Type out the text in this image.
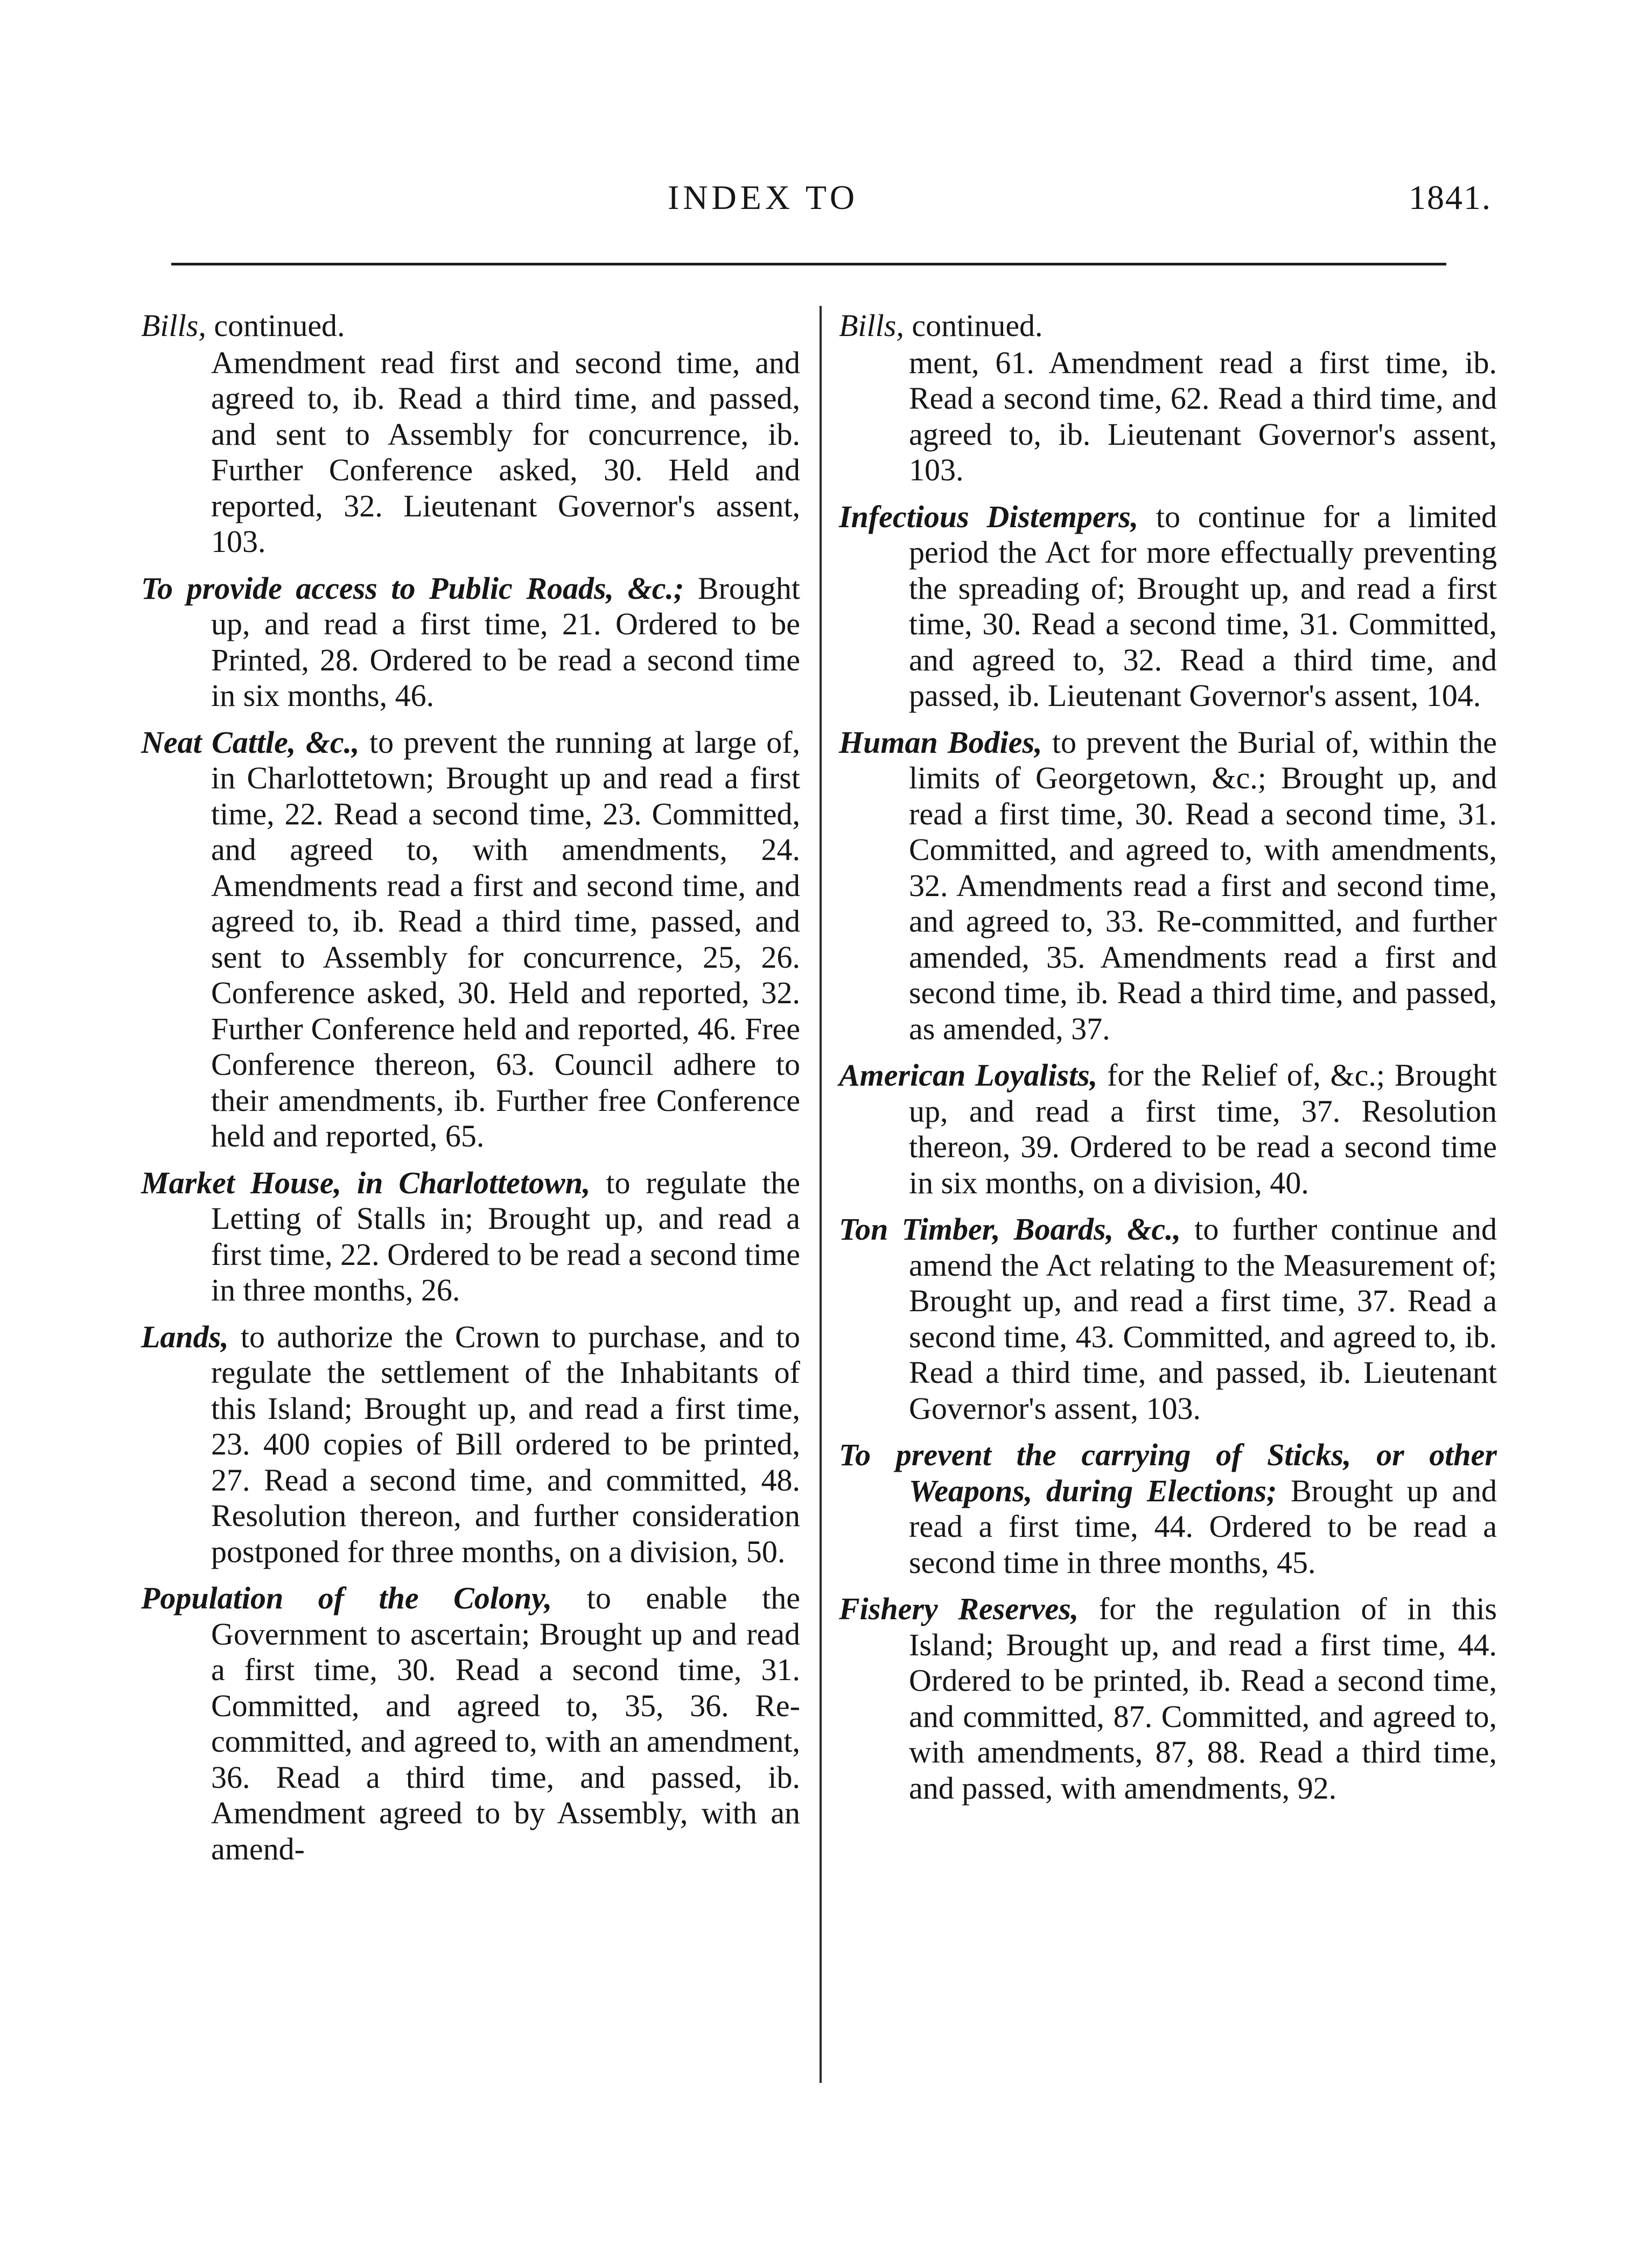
INDEX TO	1841.
Bills, continued.

Amendment read first and second time, and agreed to, ib. Read a third time, and passed, and sent to Assembly for concurrence, ib. Further Conference asked, 30. Held and reported, 32. Lieutenant Governor's assent, 103.

To provide access to Public Roads, &c.; Brought up, and read a first time, 21. Ordered to be Printed, 28. Ordered to be read a second time in six months, 46.

Neat Cattle, &c., to prevent the running at large of, in Charlottetown; Brought up and read a first time, 22. Read a second time, 23. Committed, and agreed to, with amendments, 24. Amendments read a first and second time, and agreed to, ib. Read a third time, passed, and sent to Assembly for concurrence, 25, 26. Conference asked, 30. Held and reported, 32. Further Conference held and reported, 46. Free Conference thereon, 63. Council adhere to their amendments, ib. Further free Conference held and reported, 65.

Market House, in Charlottetown, to regulate the Letting of Stalls in; Brought up, and read a first time, 22. Ordered to be read a second time in three months, 26.

Lands, to authorize the Crown to purchase, and to regulate the settlement of the Inhabitants of this Island; Brought up, and read a first time, 23. 400 copies of Bill ordered to be printed, 27. Read a second time, and committed, 48. Resolution thereon, and further consideration postponed for three months, on a division, 50.

Population of the Colony, to enable the Government to ascertain; Brought up and read a first time, 30. Read a second time, 31. Committed, and agreed to, 35, 36. Re-committed, and agreed to, with an amendment, 36. Read a third time, and passed, ib. Amendment agreed to by Assembly, with an amend-

Bills, continued.

ment, 61. Amendment read a first time, ib. Read a second time, 62. Read a third time, and agreed to, ib. Lieutenant Governor's assent, 103.

Infectious Distempers, to continue for a limited period the Act for more effectually preventing the spreading of; Brought up, and read a first time, 30. Read a second time, 31. Committed, and agreed to, 32. Read a third time, and passed, ib. Lieutenant Governor's assent, 104.

Human Bodies, to prevent the Burial of, within the limits of Georgetown, &c.; Brought up, and read a first time, 30. Read a second time, 31. Committed, and agreed to, with amendments, 32. Amendments read a first and second time, and agreed to, 33. Re-committed, and further amended, 35. Amendments read a first and second time, ib. Read a third time, and passed, as amended, 37.

American Loyalists, for the Relief of, &c.; Brought up, and read a first time, 37. Resolution thereon, 39. Ordered to be read a second time in six months, on a division, 40.

Ton Timber, Boards, &c., to further continue and amend the Act relating to the Measurement of; Brought up, and read a first time, 37. Read a second time, 43. Committed, and agreed to, ib. Read a third time, and passed, ib. Lieutenant Governor's assent, 103.

To prevent the carrying of Sticks, or other Weapons, during Elections; Brought up and read a first time, 44. Ordered to be read a second time in three months, 45.

Fishery Reserves, for the regulation of in this Island; Brought up, and read a first time, 44. Ordered to be printed, ib. Read a second time, and committed, 87. Committed, and agreed to, with amendments, 87, 88. Read a third time, and passed, with amendments, 92.
